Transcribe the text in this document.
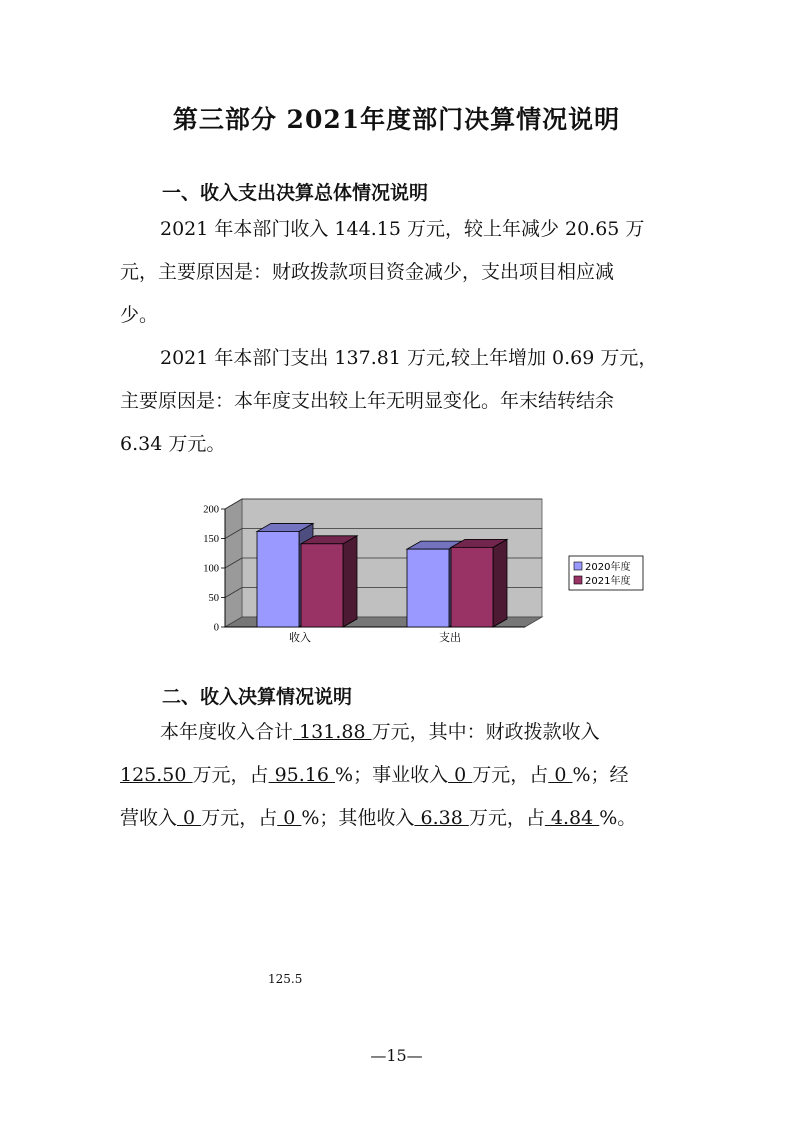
第三部分 2021年度部门决算情况说明
一、收入支出决算总体情况说明
2021 年本部门收入 144.15 万元，较上年减少 20.65 万
元，主要原因是：财政拨款项目资金减少，支出项目相应减
少。
2021 年本部门支出 137.81 万元,较上年增加 0.69 万元，
主要原因是：本年度支出较上年无明显变化。年末结转结余
6.34 万元。
0
50
100
150
200
收入	支出
2020年度
2021年度
二、收入决算情况说明
本年度收入合计 131.88 万元，其中：财政拨款收入
125.50 万元，占 95.16 %；事业收入 0 万元，占 0 %；经
营收入 0 万元，占 0 %；其他收入 6.38 万元，占 4.84 %。
125.5
—15—
